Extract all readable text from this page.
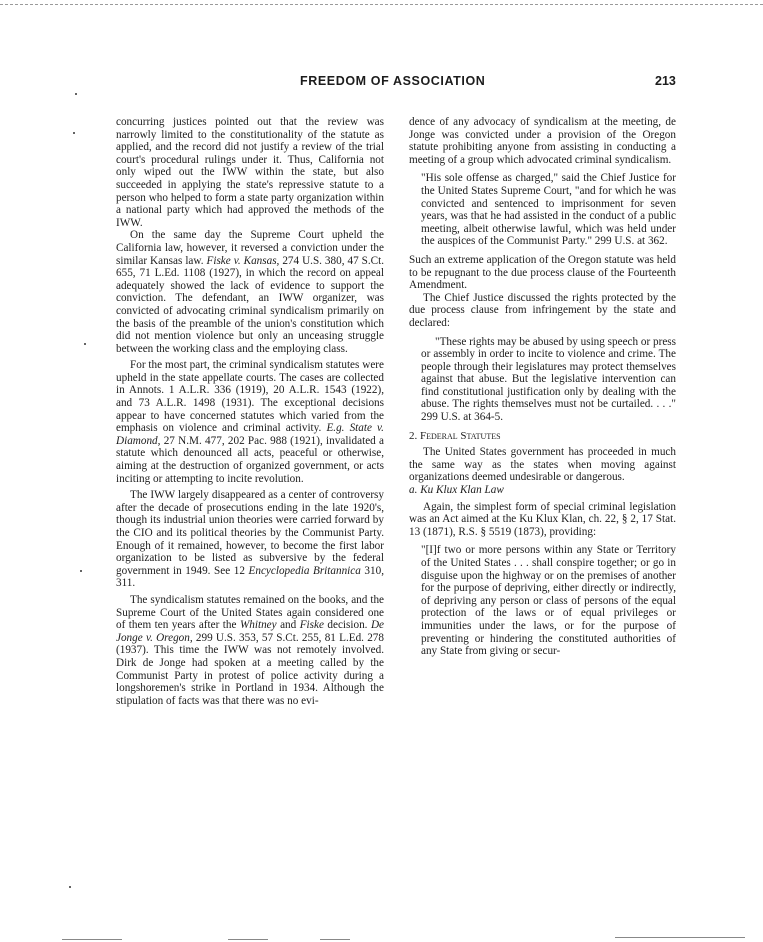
FREEDOM OF ASSOCIATION	213

concurring justices pointed out that the review was narrowly limited to the constitutionality of the statute as applied, and the record did not justify a review of the trial court's procedural rulings under it. Thus, California not only wiped out the IWW within the state, but also succeeded in applying the state's repressive statute to a person who helped to form a state party organization within a national party which had approved the methods of the IWW.

On the same day the Supreme Court upheld the California law, however, it reversed a conviction under the similar Kansas law. Fiske v. Kansas, 274 U.S. 380, 47 S.Ct. 655, 71 L.Ed. 1108 (1927), in which the record on appeal adequately showed the lack of evidence to support the conviction. The defendant, an IWW organizer, was convicted of advocating criminal syndicalism primarily on the basis of the preamble of the union's constitution which did not mention violence but only an unceasing struggle between the working class and the employing class.

For the most part, the criminal syndicalism statutes were upheld in the state appellate courts. The cases are collected in Annots. 1 A.L.R. 336 (1919), 20 A.L.R. 1543 (1922), and 73 A.L.R. 1498 (1931). The exceptional decisions appear to have concerned statutes which varied from the emphasis on violence and criminal activity. E.g. State v. Diamond, 27 N.M. 477, 202 Pac. 988 (1921), invalidated a statute which denounced all acts, peaceful or otherwise, aiming at the destruction of organized government, or acts inciting or attempting to incite revolution.

The IWW largely disappeared as a center of controversy after the decade of prosecutions ending in the late 1920's, though its industrial union theories were carried forward by the CIO and its political theories by the Communist Party. Enough of it remained, however, to become the first labor organization to be listed as subversive by the federal government in 1949. See 12 Encyclopedia Britannica 310, 311.

The syndicalism statutes remained on the books, and the Supreme Court of the United States again considered one of them ten years after the Whitney and Fiske decision. De Jonge v. Oregon, 299 U.S. 353, 57 S.Ct. 255, 81 L.Ed. 278 (1937). This time the IWW was not remotely involved. Dirk de Jonge had spoken at a meeting called by the Communist Party in protest of police activity during a longshoremen's strike in Portland in 1934. Although the stipulation of facts was that there was no evi-

dence of any advocacy of syndicalism at the meeting, de Jonge was convicted under a provision of the Oregon statute prohibiting anyone from assisting in conducting a meeting of a group which advocated criminal syndicalism.

"His sole offense as charged," said the Chief Justice for the United States Supreme Court, "and for which he was convicted and sentenced to imprisonment for seven years, was that he had assisted in the conduct of a public meeting, albeit otherwise lawful, which was held under the auspices of the Communist Party." 299 U.S. at 362.

Such an extreme application of the Oregon statute was held to be repugnant to the due process clause of the Fourteenth Amendment.

The Chief Justice discussed the rights protected by the due process clause from infringement by the state and declared:

"These rights may be abused by using speech or press or assembly in order to incite to violence and crime. The people through their legislatures may protect themselves against that abuse. But the legislative intervention can find constitutional justification only by dealing with the abuse. The rights themselves must not be curtailed. . . ." 299 U.S. at 364-5.

2. Federal Statutes

The United States government has proceeded in much the same way as the states when moving against organizations deemed undesirable or dangerous.

a. Ku Klux Klan Law

Again, the simplest form of special criminal legislation was an Act aimed at the Ku Klux Klan, ch. 22, § 2, 17 Stat. 13 (1871), R.S. § 5519 (1873), providing:

"[I]f two or more persons within any State or Territory of the United States . . . shall conspire together; or go in disguise upon the highway or on the premises of another for the purpose of depriving, either directly or indirectly, of depriving any person or class of persons of the equal protection of the laws or of equal privileges or immunities under the laws, or for the purpose of preventing or hindering the constituted authorities of any State from giving or secur-
